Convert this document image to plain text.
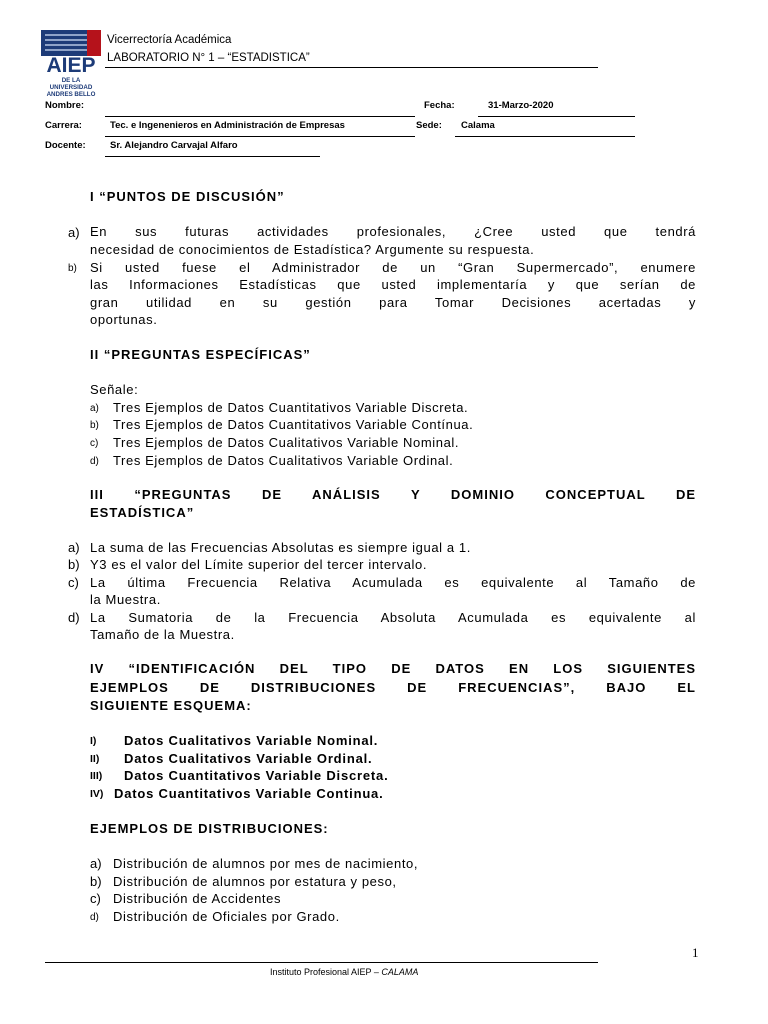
AIEP
DE LA UNIVERSIDAD ANDRES BELLO
Vicerrectoría Académica
LABORATORIO N° 1 – “ESTADISTICA”
Nombre:	Fecha:	31-Marzo-2020
Carrera:	Tec. e Ingenenieros en Administración de Empresas	Sede: Calama
Docente:	Sr. Alejandro Carvajal Alfaro
I “PUNTOS DE DISCUSIÓN”
a) En sus futuras actividades profesionales, ¿Cree usted que tendrá
necesidad de conocimientos de Estadística? Argumente su respuesta.
b) Si usted fuese el Administrador de un “Gran Supermercado”, enumere
las Informaciones Estadísticas que usted implementaría y que serían de
gran utilidad en su gestión para Tomar Decisiones acertadas y
oportunas.
II “PREGUNTAS ESPECÍFICAS”
Señale:
a) Tres Ejemplos de Datos Cuantitativos Variable Discreta.
b) Tres Ejemplos de Datos Cuantitativos Variable Contínua.
c) Tres Ejemplos de Datos Cualitativos Variable Nominal.
d) Tres Ejemplos de Datos Cualitativos Variable Ordinal.
III “PREGUNTAS DE ANÁLISIS Y DOMINIO CONCEPTUAL DE
ESTADÍSTICA”
a) La suma de las Frecuencias Absolutas es siempre igual a 1.
b) Y3 es el valor del Límite superior del tercer intervalo.
c) La última Frecuencia Relativa Acumulada es equivalente al Tamaño de
la Muestra.
d) La Sumatoria de la Frecuencia Absoluta Acumulada es equivalente al
Tamaño de la Muestra.
IV “IDENTIFICACIÓN DEL TIPO DE DATOS EN LOS SIGUIENTES
EJEMPLOS DE DISTRIBUCIONES DE FRECUENCIAS”, BAJO EL
SIGUIENTE ESQUEMA:
I) Datos Cualitativos Variable Nominal.
II) Datos Cualitativos Variable Ordinal.
III) Datos Cuantitativos Variable Discreta.
IV) Datos Cuantitativos Variable Continua.
EJEMPLOS DE DISTRIBUCIONES:
a) Distribución de alumnos por mes de nacimiento,
b) Distribución de alumnos por estatura y peso,
c) Distribución de Accidentes
d) Distribución de Oficiales por Grado.
1
Instituto Profesional AIEP – CALAMA
